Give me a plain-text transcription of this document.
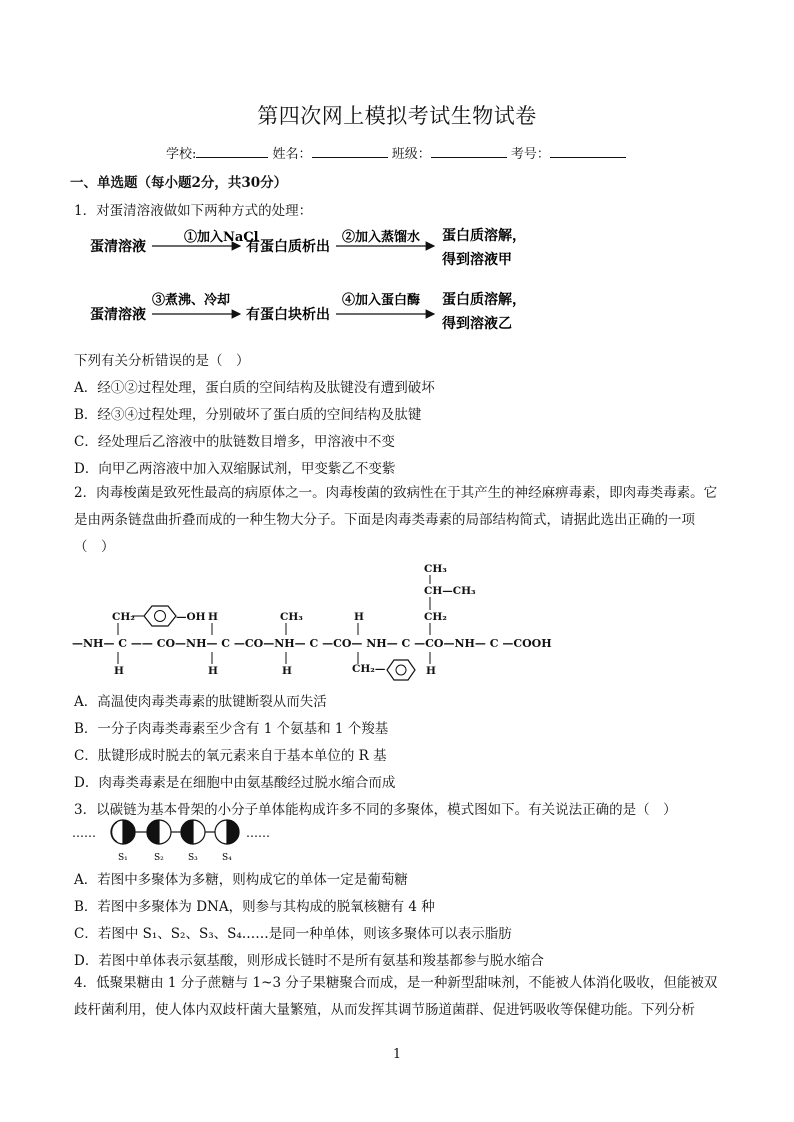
第四次网上模拟考试生物试卷
学校:	姓名：	班级：	考号：
一、单选题（每小题2分，共30分）
1．对蛋清溶液做如下两种方式的处理：
蛋清溶液
①加入NaCl
有蛋白质析出
②加入蒸馏水 蛋白质溶解，
得到溶液甲
蛋清溶液
③煮沸、冷却
有蛋白块析出
④加入蛋白酶 蛋白质溶解，
得到溶液乙
下列有关分析错误的是（　）
A．经①②过程处理，蛋白质的空间结构及肽键没有遭到破坏
B．经③④过程处理，分别破坏了蛋白质的空间结构及肽键
C．经处理后乙溶液中的肽链数目增多，甲溶液中不变
D．向甲乙两溶液中加入双缩脲试剂，甲变紫乙不变紫
2．肉毒梭菌是致死性最高的病原体之一。肉毒梭菌的致病性在于其产生的神经麻痹毒素，即肉毒类毒素。它是由两条链盘曲折叠而成的一种生物大分子。下面是肉毒类毒素的局部结构简式，请据此选出正确的一项（　）
CH₃
CH—CH₃
CH₂
CH₂	—OH H	CH₃	H
—NH— C —— CO—NH— C —CO—NH— C —CO— NH— C —CO—NH— C —COOH
H	H	H	CH₂—	H
A．高温使肉毒类毒素的肽键断裂从而失活
B．一分子肉毒类毒素至少含有 1 个氨基和 1 个羧基
C．肽键形成时脱去的氧元素来自于基本单位的 R 基
D．肉毒类毒素是在细胞中由氨基酸经过脱水缩合而成
3．以碳链为基本骨架的小分子单体能构成许多不同的多聚体，模式图如下。有关说法正确的是（　）
……	……
S₁	S₂	S₃	S₄
A．若图中多聚体为多糖，则构成它的单体一定是葡萄糖
B．若图中多聚体为 DNA，则参与其构成的脱氧核糖有 4 种
C．若图中 S₁、S₂、S₃、S₄……是同一种单体，则该多聚体可以表示脂肪
D．若图中单体表示氨基酸，则形成长链时不是所有氨基和羧基都参与脱水缩合
4．低聚果糖由 1 分子蔗糖与 1~3 分子果糖聚合而成，是一种新型甜味剂，不能被人体消化吸收，但能被双歧杆菌利用，使人体内双歧杆菌大量繁殖，从而发挥其调节肠道菌群、促进钙吸收等保健功能。下列分析
1
